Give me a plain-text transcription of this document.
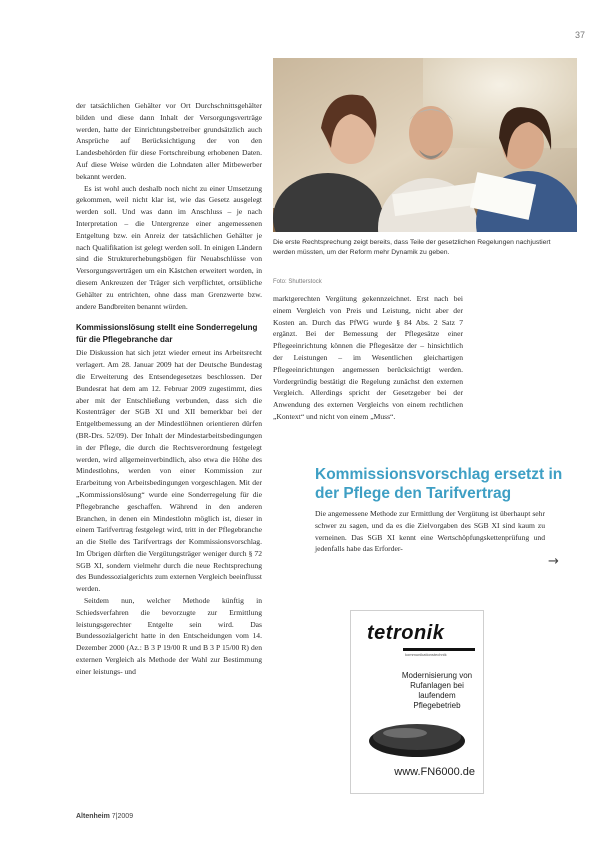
37

der tatsächlichen Gehälter vor Ort Durchschnittsgehälter bilden und diese dann Inhalt der Versorgungsverträge werden, hatte der Einrichtungsbetreiber grundsätzlich auch Ansprüche auf Berücksichtigung der von den Landesbehörden für diese Fortschreibung erhobenen Daten. Auf diese Weise würden die Lohndaten aller Mitbewerber bekannt werden.

Es ist wohl auch deshalb noch nicht zu einer Umsetzung gekommen, weil nicht klar ist, wie das Gesetz ausgelegt werden soll. Und was dann im Anschluss – je nach Interpretation – die Untergrenze einer angemessenen Entgeltung bzw. ein Anreiz der tatsächlichen Gehälter je nach Qualifikation ist gelegt werden soll. In einigen Ländern sind die Strukturerhebungsbögen für Neuabschlüsse von Versorgungsverträgen um ein Kästchen erweitert worden, in diesem Ankreuzen der Träger sich verpflichtet, ortsübliche Gehälter zu entrichten, ohne dass man Grenzwerte bzw. andere Bandbreiten benannt würden.

Kommissionslösung stellt eine Sonderregelung für die Pflegebranche dar

Die Diskussion hat sich jetzt wieder erneut ins Arbeitsrecht verlagert. Am 28. Januar 2009 hat der Deutsche Bundestag die Erweiterung des Entsendegesetzes beschlossen. Der Bundesrat hat dem am 12. Februar 2009 zugestimmt, dies aber mit der Entschließung verbunden, dass sich die Kostenträger der SGB XI und XII bemerkbar bei der Entgeltbemessung an der Mindestlöhnen orientieren dürfen (BR-Drs. 52/09). Der Inhalt der Mindestarbeitsbedingungen in der Pflege, die durch die Rechtsverordnung festgelegt werden, wird allgemeinverbindlich, also etwa die Höhe des Mindestlohns, werden von einer Kommission zur Erarbeitung von Arbeitsbedingungen vorgeschlagen. Mit der „Kommissionslösung“ wurde eine Sonderregelung für die Pflegebranche geschaffen. Während in den anderen Branchen, in denen ein Mindestlohn möglich ist, dieser in einem Tarifvertrag festgelegt wird, tritt in der Pflegebranche an die Stelle des Tarifvertrags der Kommissionsvorschlag. Im Übrigen dürften die Vergütungsträger weniger durch § 72 SGB XI, sondern vielmehr durch die neue Rechtsprechung des Bundessozialgerichts zum externen Vergleich beeinflusst werden.

Seitdem nun, welcher Methode künftig in Schiedsverfahren die bevorzugte zur Ermittlung leistungsgerechter Entgelte sein wird. Das Bundessozialgericht hatte in den Entscheidungen vom 14. Dezember 2000 (Az.: B 3 P 19/00 R und B 3 P 15/00 R) den externen Vergleich als Methode der Wahl zur Bestimmung einer leistungs- und

Die erste Rechtsprechung zeigt bereits, dass Teile der gesetzlichen Regelungen nachjustiert werden müssten, um der Reform mehr Dynamik zu geben.
Foto: Shutterstock

marktgerechten Vergütung gekennzeichnet. Erst nach bei einem Vergleich von Preis und Leistung, nicht aber der Kosten an. Durch das PfWG wurde § 84 Abs. 2 Satz 7 ergänzt. Bei der Bemessung der Pflegesätze einer Pflegeeinrichtung können die Pflegesätze der – hinsichtlich der Leistungen – im Wesentlichen gleichartigen Pflegeeinrichtungen angemessen berücksichtigt werden. Vordergründig bestätigt die Regelung zunächst den externen Vergleich. Allerdings spricht der Gesetzgeber bei der Anwendung des externen Vergleichs von einem rechtlichen „Kontext“ und nicht von einem „Muss“.

Kommissionsvorschlag ersetzt in der Pflege den Tarifvertrag

Die angemessene Methode zur Ermittlung der Vergütung ist überhaupt sehr schwer zu sagen, und da es die Zielvorgaben des SGB XI sind kaum zu verneinen. Das SGB XI kennt eine Wertschöpfungskettenprüfung und jedenfalls habe das Erforder-

→
tetronik
kommunikationstechnik
Modernisierung von
Rufanlagen bei
laufendem
Pflegebetrieb
www.FN6000.de
Altenheim 7|2009
